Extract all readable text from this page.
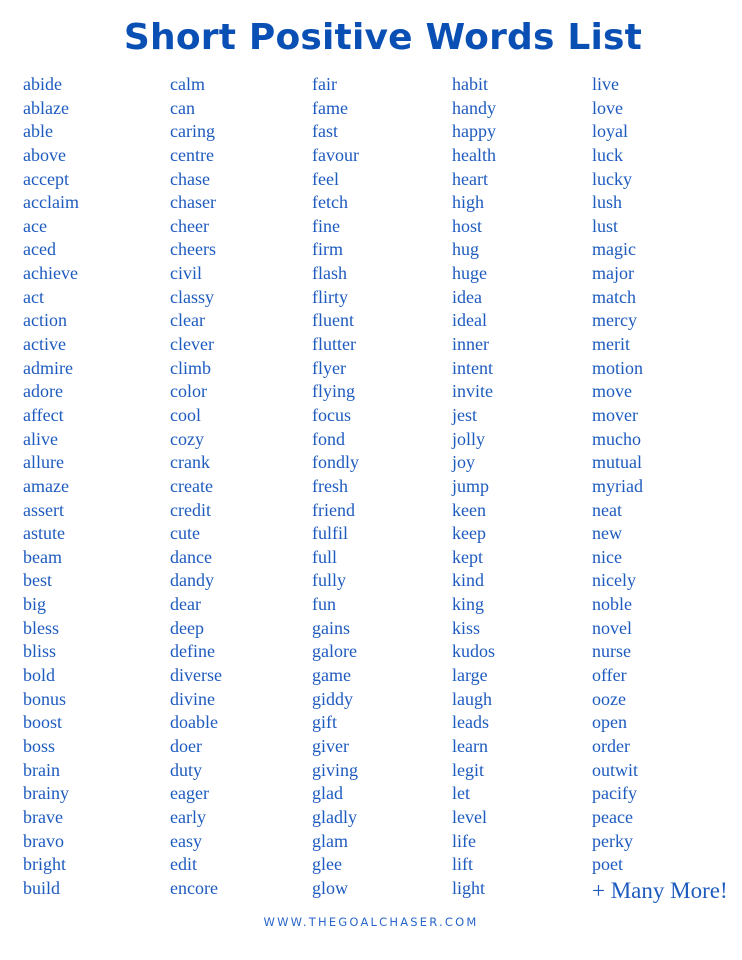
Short Positive Words List
abide
ablaze
able
above
accept
acclaim
ace
aced
achieve
act
action
active
admire
adore
affect
alive
allure
amaze
assert
astute
beam
best
big
bless
bliss
bold
bonus
boost
boss
brain
brainy
brave
bravo
bright
build
calm
can
caring
centre
chase
chaser
cheer
cheers
civil
classy
clear
clever
climb
color
cool
cozy
crank
create
credit
cute
dance
dandy
dear
deep
define
diverse
divine
doable
doer
duty
eager
early
easy
edit
encore
fair
fame
fast
favour
feel
fetch
fine
firm
flash
flirty
fluent
flutter
flyer
flying
focus
fond
fondly
fresh
friend
fulfil
full
fully
fun
gains
galore
game
giddy
gift
giver
giving
glad
gladly
glam
glee
glow
habit
handy
happy
health
heart
high
host
hug
huge
idea
ideal
inner
intent
invite
jest
jolly
joy
jump
keen
keep
kept
kind
king
kiss
kudos
large
laugh
leads
learn
legit
let
level
life
lift
light
live
love
loyal
luck
lucky
lush
lust
magic
major
match
mercy
merit
motion
move
mover
mucho
mutual
myriad
neat
new
nice
nicely
noble
novel
nurse
offer
ooze
open
order
outwit
pacify
peace
perky
poet
+ Many More!
WWW.THEGOALCHASER.COM
